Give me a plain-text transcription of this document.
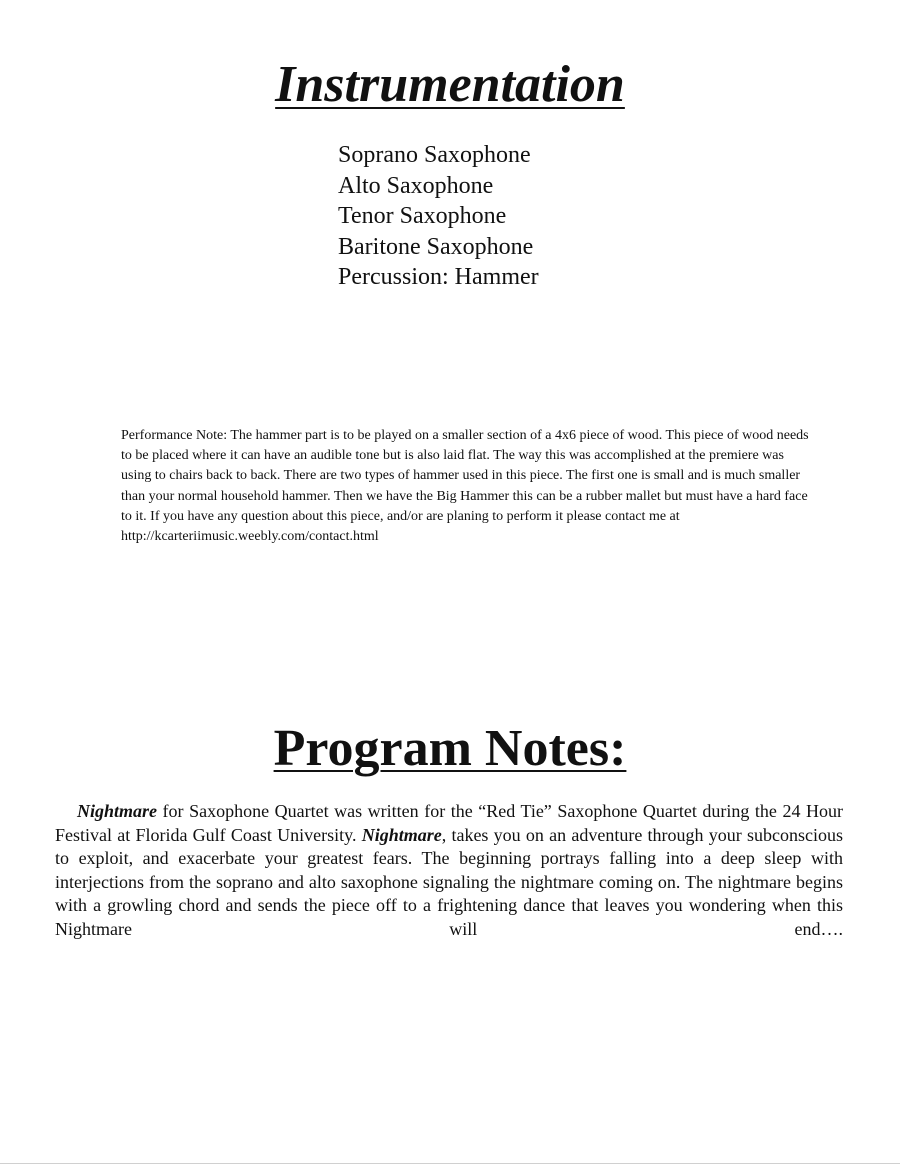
Instrumentation
Soprano Saxophone
Alto Saxophone
Tenor Saxophone
Baritone Saxophone
Percussion: Hammer

Performance Note: The hammer part is to be played on a smaller section of a 4x6 piece of wood. This piece of wood needs to be placed where it can have an audible tone but is also laid flat. The way this was accomplished at the premiere was using to chairs back to back. There are two types of hammer used in this piece. The first one is small and is much smaller than your normal household hammer. Then we have the Big Hammer this can be a rubber mallet but must have a hard face to it. If you have any question about this piece, and/or are planing to perform it please contact me at http://kcarteriimusic.weebly.com/contact.html

Program Notes:

Nightmare for Saxophone Quartet was written for the “Red Tie” Saxophone Quartet during the 24 Hour Festival at Florida Gulf Coast University. Nightmare, takes you on an adventure through your subconscious to exploit, and exacerbate your greatest fears. The beginning portrays falling into a deep sleep with interjections from the soprano and alto saxophone signaling the nightmare coming on. The nightmare begins with a growling chord and sends the piece off to a frightening dance that leaves you wondering when this Nightmare will end….
